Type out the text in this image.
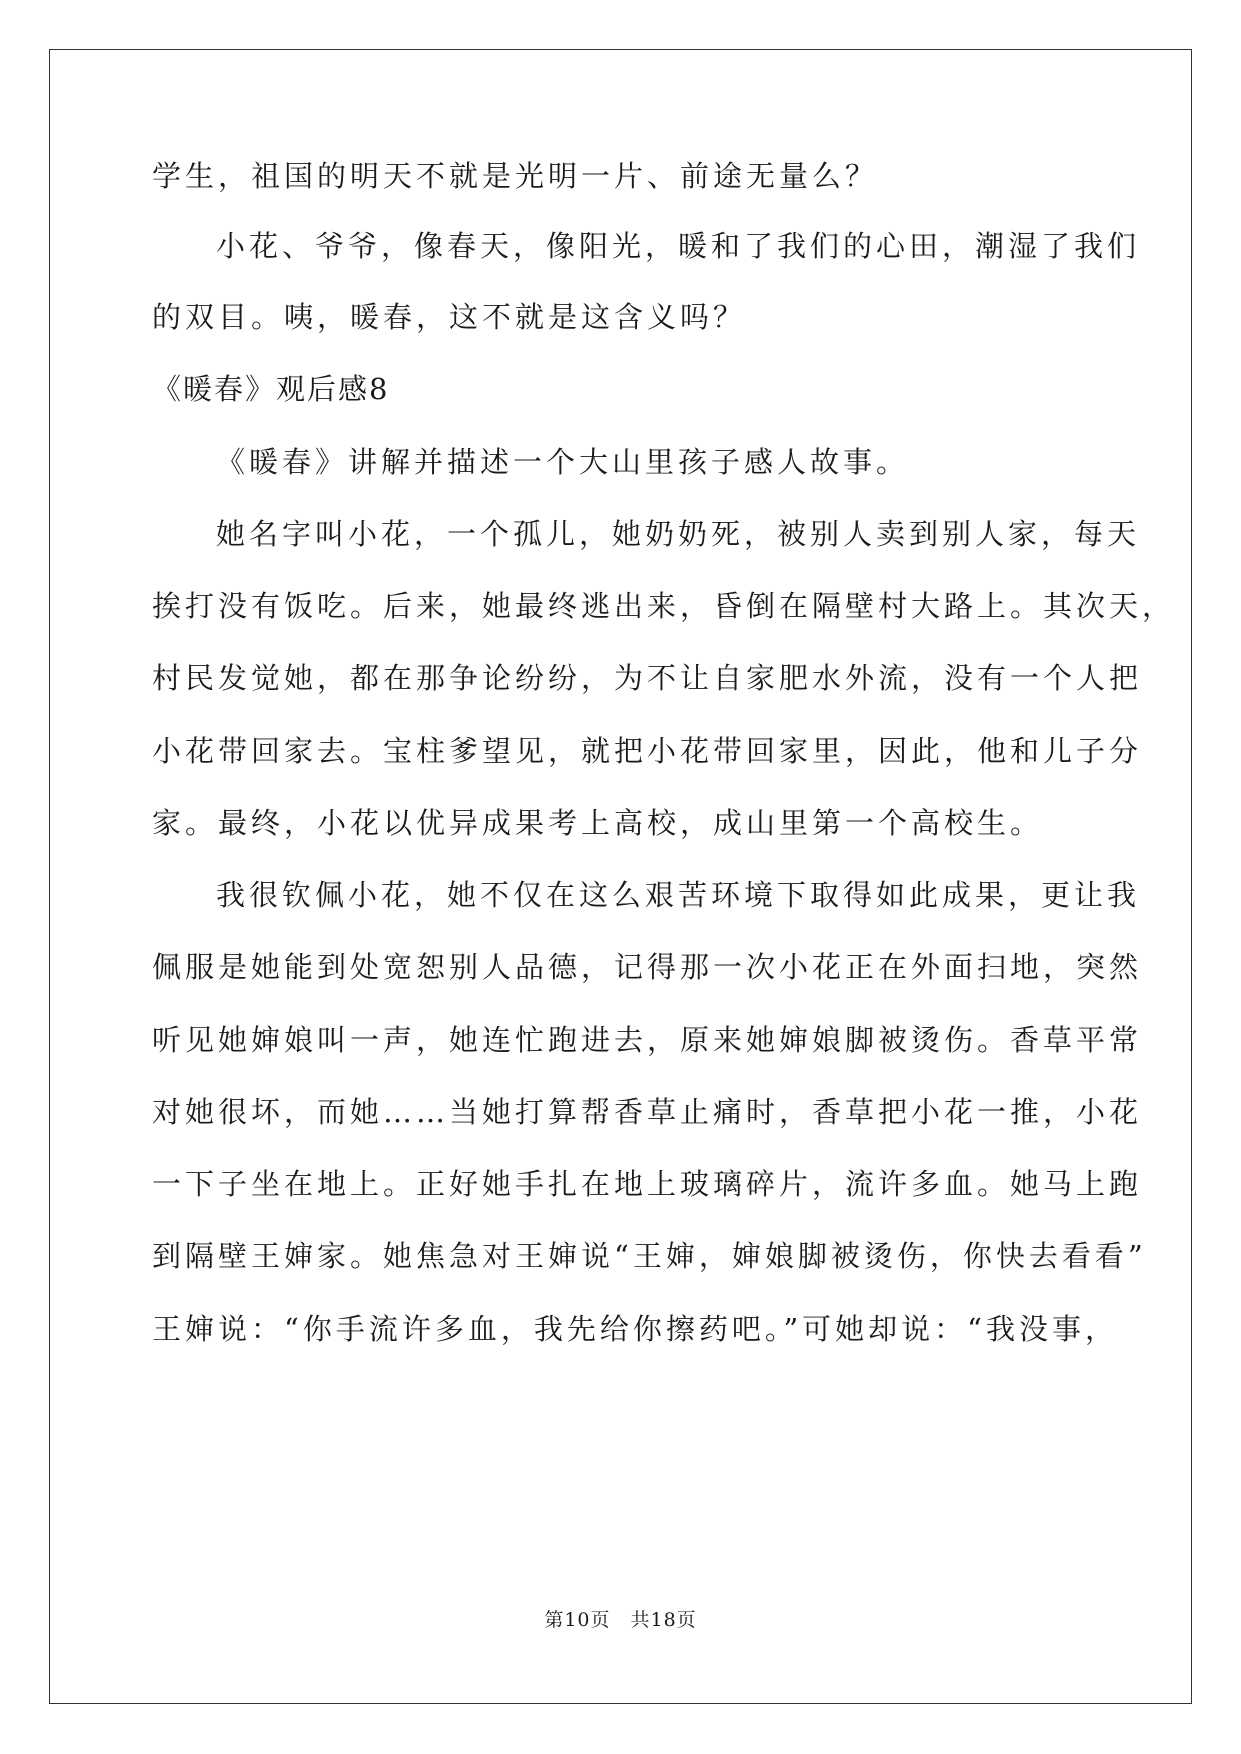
学生，祖国的明天不就是光明一片、前途无量么？
小花、爷爷，像春天，像阳光，暖和了我们的心田，潮湿了我们
的双目。咦，暖春，这不就是这含义吗？
《暖春》观后感8
《暖春》讲解并描述一个大山里孩子感人故事。
她名字叫小花，一个孤儿，她奶奶死，被别人卖到别人家，每天
挨打没有饭吃。后来，她最终逃出来，昏倒在隔壁村大路上。其次天，
村民发觉她，都在那争论纷纷，为不让自家肥水外流，没有一个人把
小花带回家去。宝柱爹望见，就把小花带回家里，因此，他和儿子分
家。最终，小花以优异成果考上高校，成山里第一个高校生。
我很钦佩小花，她不仅在这么艰苦环境下取得如此成果，更让我
佩服是她能到处宽恕别人品德，记得那一次小花正在外面扫地，突然
听见她婶娘叫一声，她连忙跑进去，原来她婶娘脚被烫伤。香草平常
对她很坏，而她……当她打算帮香草止痛时，香草把小花一推，小花
一下子坐在地上。正好她手扎在地上玻璃碎片，流许多血。她马上跑
到隔壁王婶家。她焦急对王婶说“王婶，婶娘脚被烫伤，你快去看看”
王婶说：“你手流许多血，我先给你擦药吧。”可她却说：“我没事，
第10页　共18页
